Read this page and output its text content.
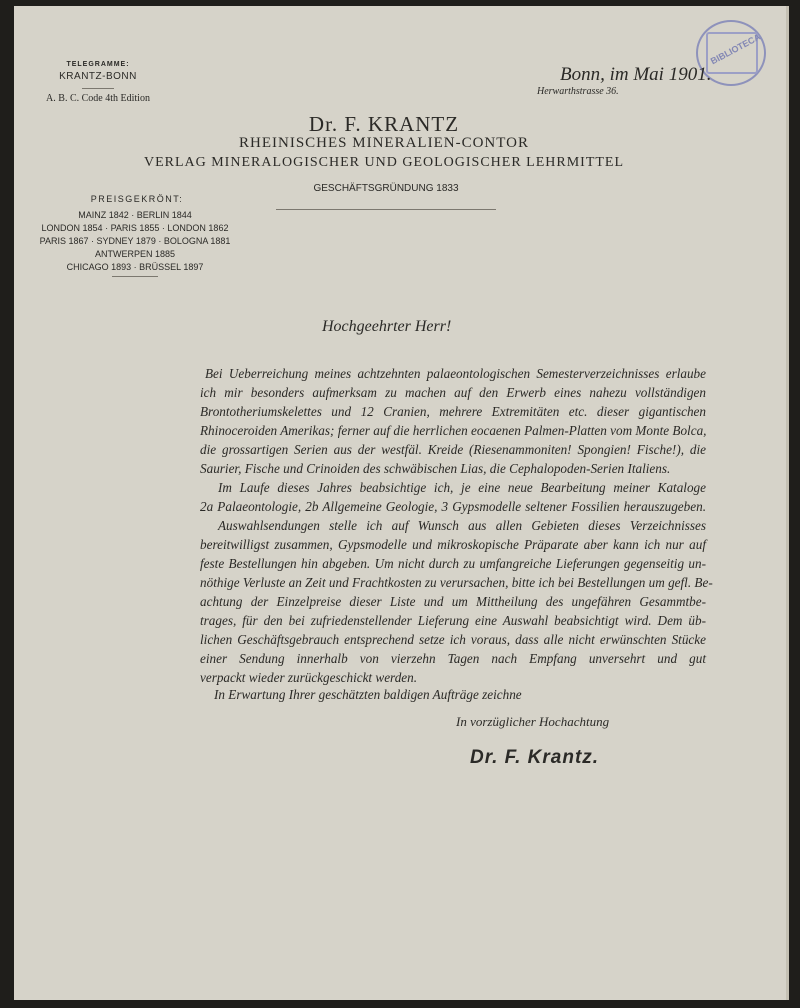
BIBLIOTECA
TELEGRAMME:
KRANTZ-BONN
A. B. C. Code 4th Edition
Bonn, im Mai 1901.
Herwarthstrasse 36.
Dr. F. KRANTZ
RHEINISCHES MINERALIEN-CONTOR
VERLAG MINERALOGISCHER UND GEOLOGISCHER LEHRMITTEL
GESCHÄFTSGRÜNDUNG 1833
PREISGEKRÖNT:
MAINZ 1842 · BERLIN 1844
LONDON 1854 · PARIS 1855 · LONDON 1862
PARIS 1867 · SYDNEY 1879 · BOLOGNA 1881
ANTWERPEN 1885
CHICAGO 1893 · BRÜSSEL 1897
Hochgeehrter Herr!
Bei Ueberreichung meines achtzehnten palaeontologischen Semesterverzeichnisses erlaube
ich mir besonders aufmerksam zu machen auf den Erwerb eines nahezu vollständigen
Brontotheriumskelettes und 12 Cranien, mehrere Extremitäten etc. dieser gigantischen
Rhinoceroiden Amerikas; ferner auf die herrlichen eocaenen Palmen-Platten vom Monte Bolca,
die grossartigen Serien aus der westfäl. Kreide (Riesenammoniten! Spongien! Fische!), die
Saurier, Fische und Crinoiden des schwäbischen Lias, die Cephalopoden-Serien Italiens.
Im Laufe dieses Jahres beabsichtige ich, je eine neue Bearbeitung meiner Kataloge
2a Palaeontologie, 2b Allgemeine Geologie, 3 Gypsmodelle seltener Fossilien herauszugeben.
Auswahlsendungen stelle ich auf Wunsch aus allen Gebieten dieses Verzeichnisses
bereitwilligst zusammen, Gypsmodelle und mikroskopische Präparate aber kann ich nur auf
feste Bestellungen hin abgeben. Um nicht durch zu umfangreiche Lieferungen gegenseitig un-
nöthige Verluste an Zeit und Frachtkosten zu verursachen, bitte ich bei Bestellungen um gefl. Be-
achtung der Einzelpreise dieser Liste und um Mittheilung des ungefähren Gesammtbe-
trages, für den bei zufriedenstellender Lieferung eine Auswahl beabsichtigt wird. Dem üb-
lichen Geschäftsgebrauch entsprechend setze ich voraus, dass alle nicht erwünschten Stücke
einer Sendung innerhalb von vierzehn Tagen nach Empfang unversehrt und gut
verpackt wieder zurückgeschickt werden.
In Erwartung Ihrer geschätzten baldigen Aufträge zeichne
In vorzüglicher Hochachtung
Dr. F. Krantz.
